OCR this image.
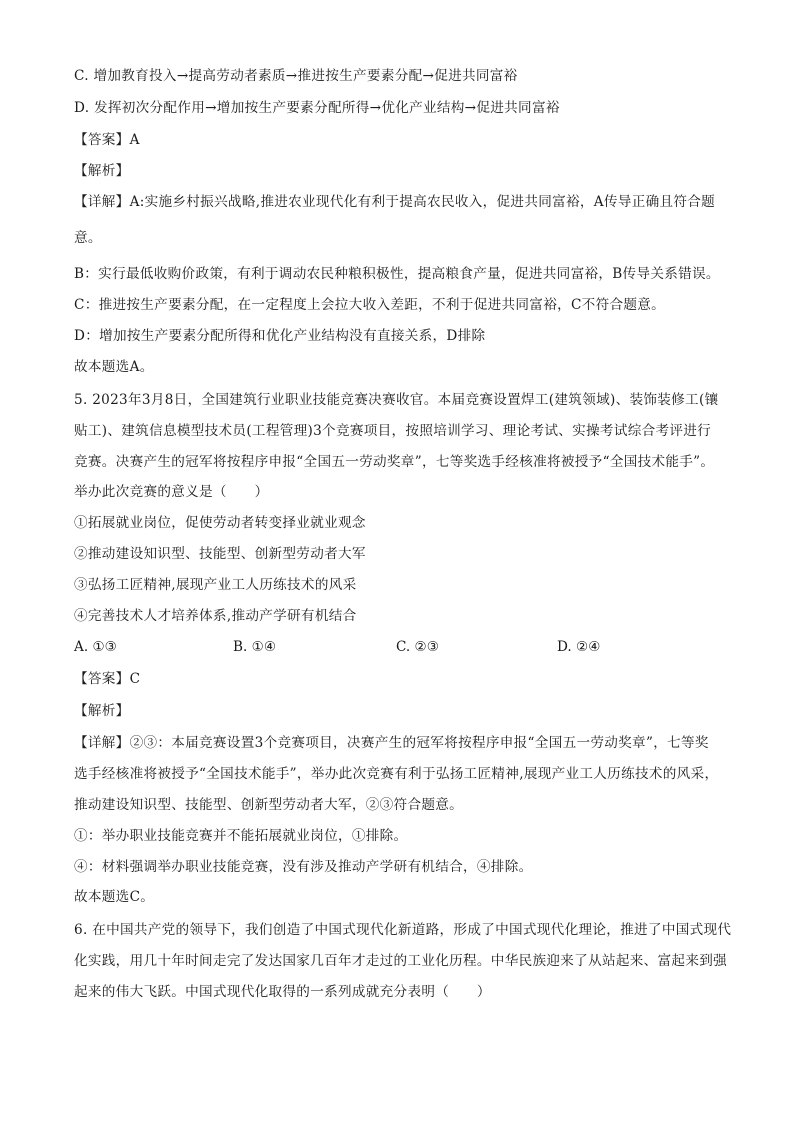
C. 增加教育投入→提高劳动者素质→推进按生产要素分配→促进共同富裕
D. 发挥初次分配作用→增加按生产要素分配所得→优化产业结构→促进共同富裕
【答案】A
【解析】
【详解】A:实施乡村振兴战略,推进农业现代化有利于提高农民收入，促进共同富裕，A传导正确且符合题
意。
B：实行最低收购价政策，有利于调动农民种粮积极性，提高粮食产量，促进共同富裕，B传导关系错误。
C：推进按生产要素分配，在一定程度上会拉大收入差距，不利于促进共同富裕，C不符合题意。
D：增加按生产要素分配所得和优化产业结构没有直接关系，D排除
故本题选A。
5. 2023年3月8日，全国建筑行业职业技能竞赛决赛收官。本届竞赛设置焊工(建筑领域)、装饰装修工(镶
贴工)、建筑信息模型技术员(工程管理)3个竞赛项目，按照培训学习、理论考试、实操考试综合考评进行
竞赛。决赛产生的冠军将按程序申报“全国五一劳动奖章”，七等奖选手经核准将被授予“全国技术能手”。
举办此次竞赛的意义是（　　）
①拓展就业岗位，促使劳动者转变择业就业观念
②推动建设知识型、技能型、创新型劳动者大军
③弘扬工匠精神,展现产业工人历练技术的风采
④完善技术人才培养体系,推动产学研有机结合
A. ①③	B. ①④	C. ②③	D. ②④
【答案】C
【解析】
【详解】②③：本届竞赛设置3个竞赛项目，决赛产生的冠军将按程序申报“全国五一劳动奖章”，七等奖
选手经核准将被授予“全国技术能手”，举办此次竞赛有利于弘扬工匠精神,展现产业工人历练技术的风采，
推动建设知识型、技能型、创新型劳动者大军，②③符合题意。
①：举办职业技能竞赛并不能拓展就业岗位，①排除。
④：材料强调举办职业技能竞赛，没有涉及推动产学研有机结合，④排除。
故本题选C。
6. 在中国共产党的领导下，我们创造了中国式现代化新道路，形成了中国式现代化理论，推进了中国式现代
化实践，用几十年时间走完了发达国家几百年才走过的工业化历程。中华民族迎来了从站起来、富起来到强
起来的伟大飞跃。中国式现代化取得的一系列成就充分表明（　　）
